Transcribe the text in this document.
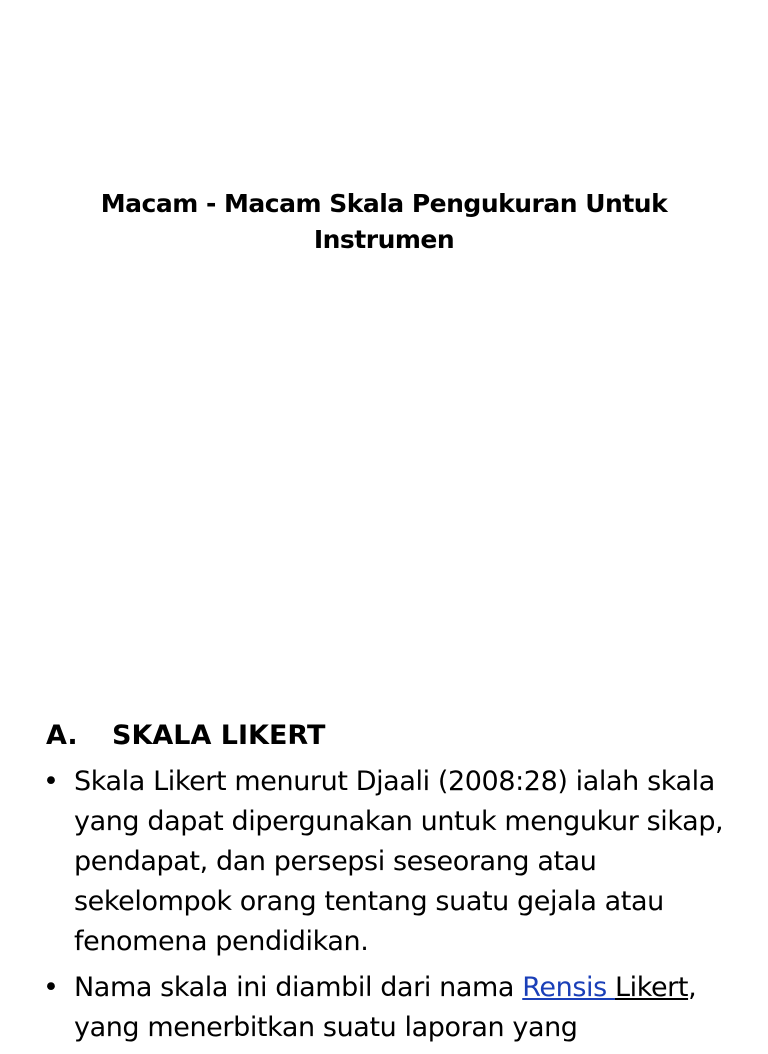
Macam - Macam Skala Pengukuran Untuk Instrumen
A. SKALA LIKERT
• Skala Likert menurut Djaali (2008:28) ialah skala yang dapat dipergunakan untuk mengukur sikap, pendapat, dan persepsi seseorang atau sekelompok orang tentang suatu gejala atau fenomena pendidikan.
• Nama skala ini diambil dari nama Rensis Likert, yang menerbitkan suatu laporan yang
